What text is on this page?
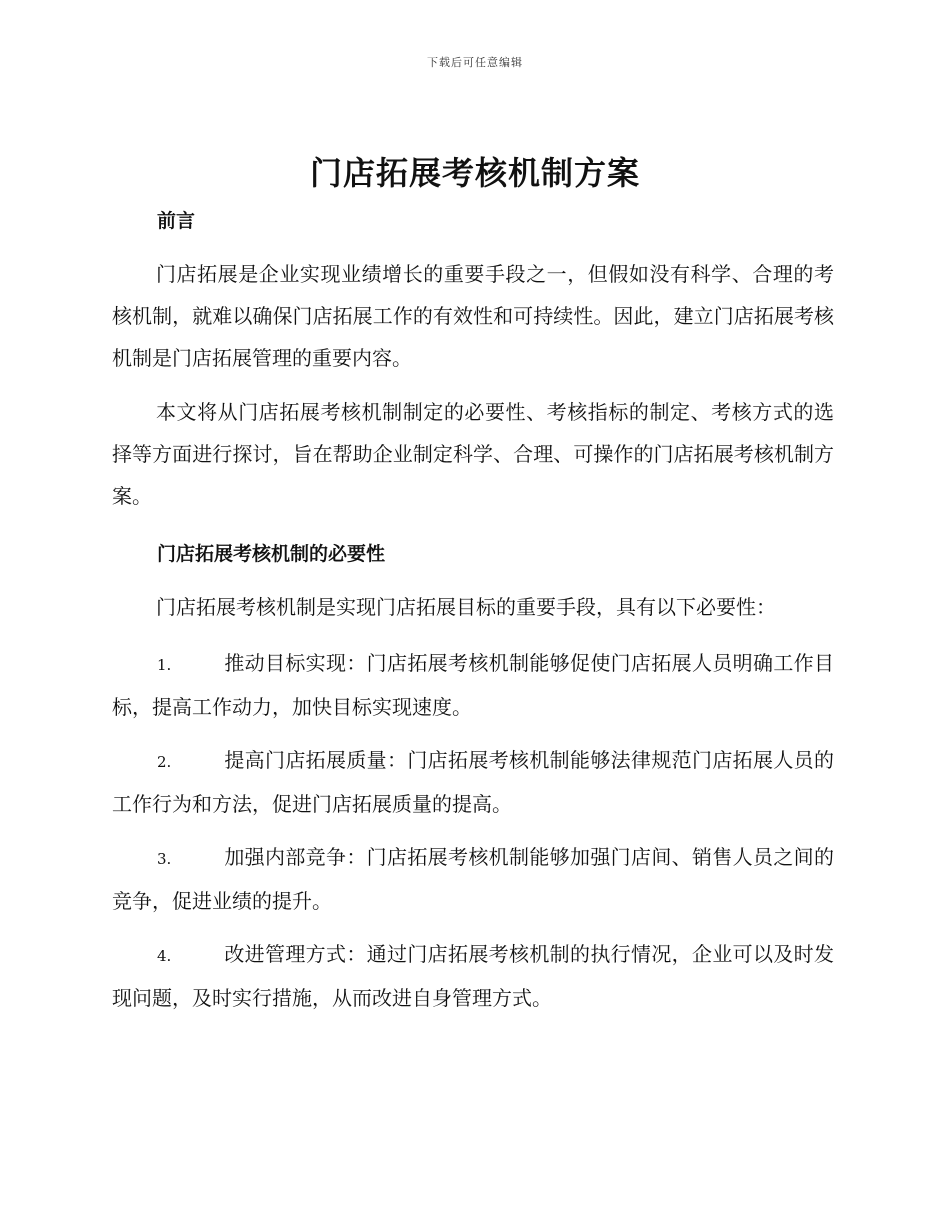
下载后可任意编辑
门店拓展考核机制方案
前言

门店拓展是企业实现业绩增长的重要手段之一，但假如没有科学、合理的考核机制，就难以确保门店拓展工作的有效性和可持续性。因此，建立门店拓展考核机制是门店拓展管理的重要内容。

本文将从门店拓展考核机制制定的必要性、考核指标的制定、考核方式的选择等方面进行探讨，旨在帮助企业制定科学、合理、可操作的门店拓展考核机制方案。

门店拓展考核机制的必要性

门店拓展考核机制是实现门店拓展目标的重要手段，具有以下必要性：

1.	推动目标实现：门店拓展考核机制能够促使门店拓展人员明确工作目标，提高工作动力，加快目标实现速度。

2.	提高门店拓展质量：门店拓展考核机制能够法律规范门店拓展人员的工作行为和方法，促进门店拓展质量的提高。

3.	加强内部竞争：门店拓展考核机制能够加强门店间、销售人员之间的竞争，促进业绩的提升。

4.	改进管理方式：通过门店拓展考核机制的执行情况，企业可以及时发现问题，及时实行措施，从而改进自身管理方式。
